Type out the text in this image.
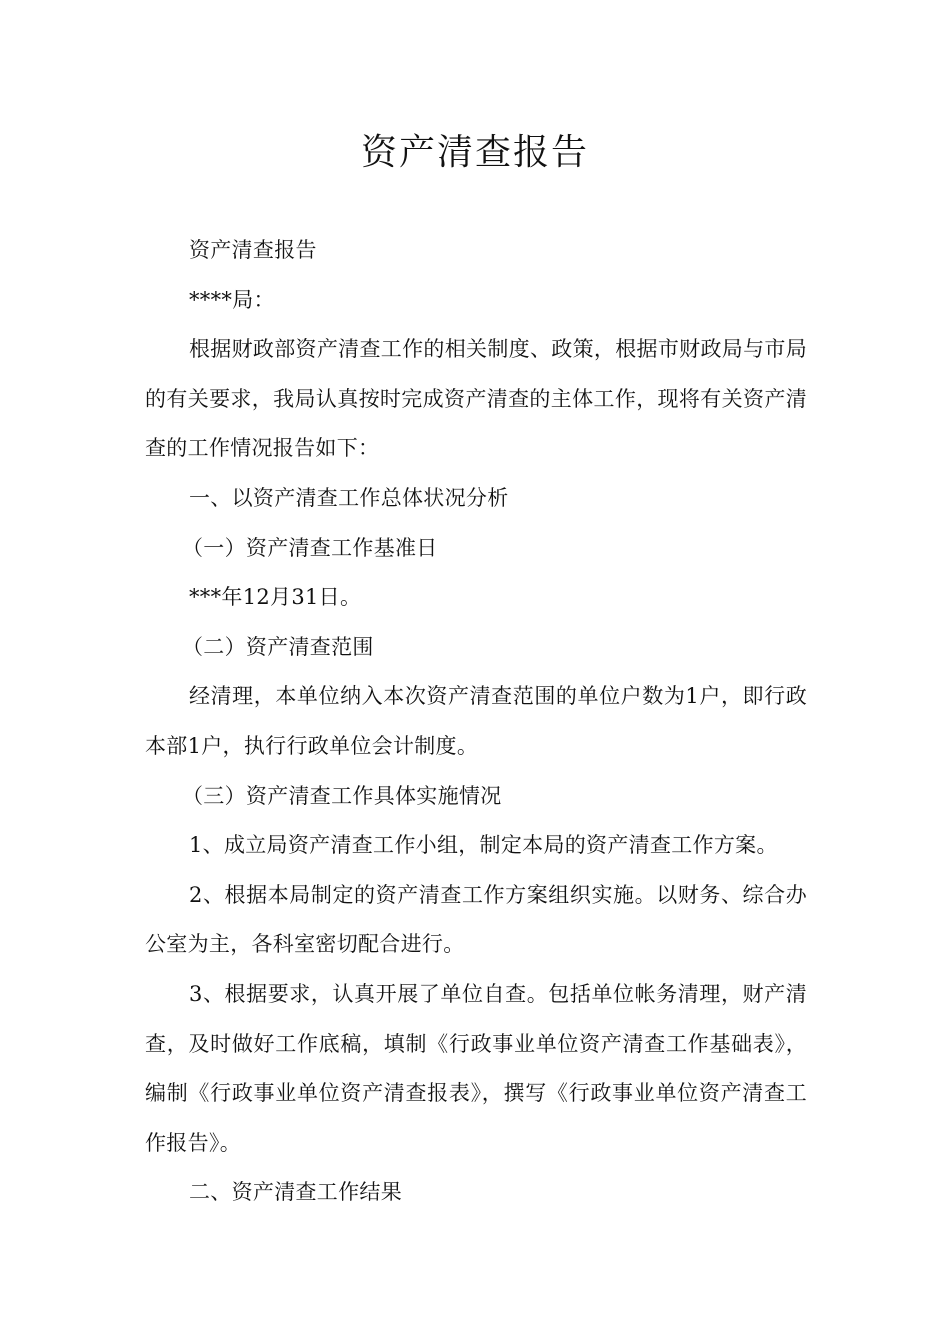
资产清查报告

资产清查报告

****局：

根据财政部资产清查工作的相关制度、政策，根据市财政局与市局的有关要求，我局认真按时完成资产清查的主体工作，现将有关资产清查的工作情况报告如下：

一、以资产清查工作总体状况分析

（一）资产清查工作基准日

***年12月31日。

（二）资产清查范围

经清理，本单位纳入本次资产清查范围的单位户数为1户，即行政本部1户，执行行政单位会计制度。

（三）资产清查工作具体实施情况

1、成立局资产清查工作小组，制定本局的资产清查工作方案。

2、根据本局制定的资产清查工作方案组织实施。以财务、综合办公室为主，各科室密切配合进行。

3、根据要求，认真开展了单位自查。包括单位帐务清理，财产清查，及时做好工作底稿，填制《行政事业单位资产清查工作基础表》，编制《行政事业单位资产清查报表》，撰写《行政事业单位资产清查工作报告》。

二、资产清查工作结果
